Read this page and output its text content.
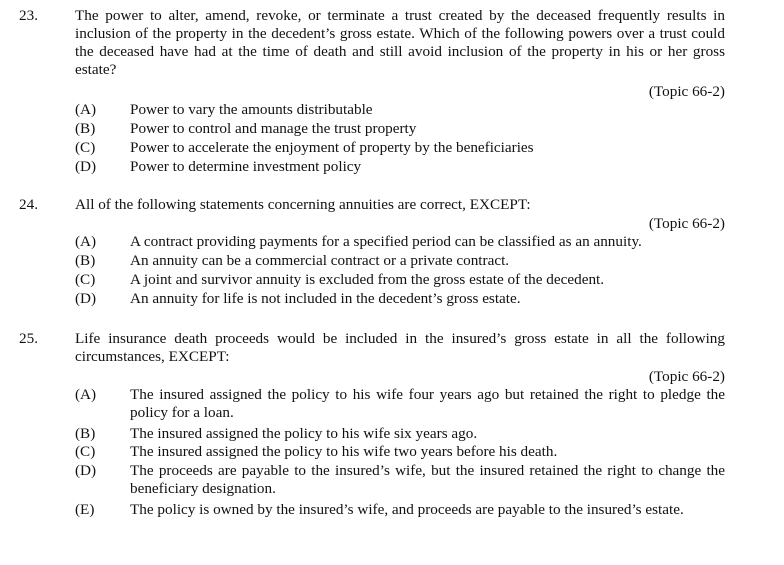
23. The power to alter, amend, revoke, or terminate a trust created by the deceased frequently results in inclusion of the property in the decedent’s gross estate. Which of the following powers over a trust could the deceased have had at the time of death and still avoid inclusion of the property in his or her gross estate?
(Topic 66-2)
(A) Power to vary the amounts distributable
(B) Power to control and manage the trust property
(C) Power to accelerate the enjoyment of property by the beneficiaries
(D) Power to determine investment policy
24. All of the following statements concerning annuities are correct, EXCEPT:
(Topic 66-2)
(A) A contract providing payments for a specified period can be classified as an annuity.
(B) An annuity can be a commercial contract or a private contract.
(C) A joint and survivor annuity is excluded from the gross estate of the decedent.
(D) An annuity for life is not included in the decedent’s gross estate.
25. Life insurance death proceeds would be included in the insured’s gross estate in all the following circumstances, EXCEPT:
(Topic 66-2)
(A) The insured assigned the policy to his wife four years ago but retained the right to pledge the policy for a loan.
(B) The insured assigned the policy to his wife six years ago.
(C) The insured assigned the policy to his wife two years before his death.
(D) The proceeds are payable to the insured’s wife, but the insured retained the right to change the beneficiary designation.
(E) The policy is owned by the insured’s wife, and proceeds are payable to the insured’s estate.
